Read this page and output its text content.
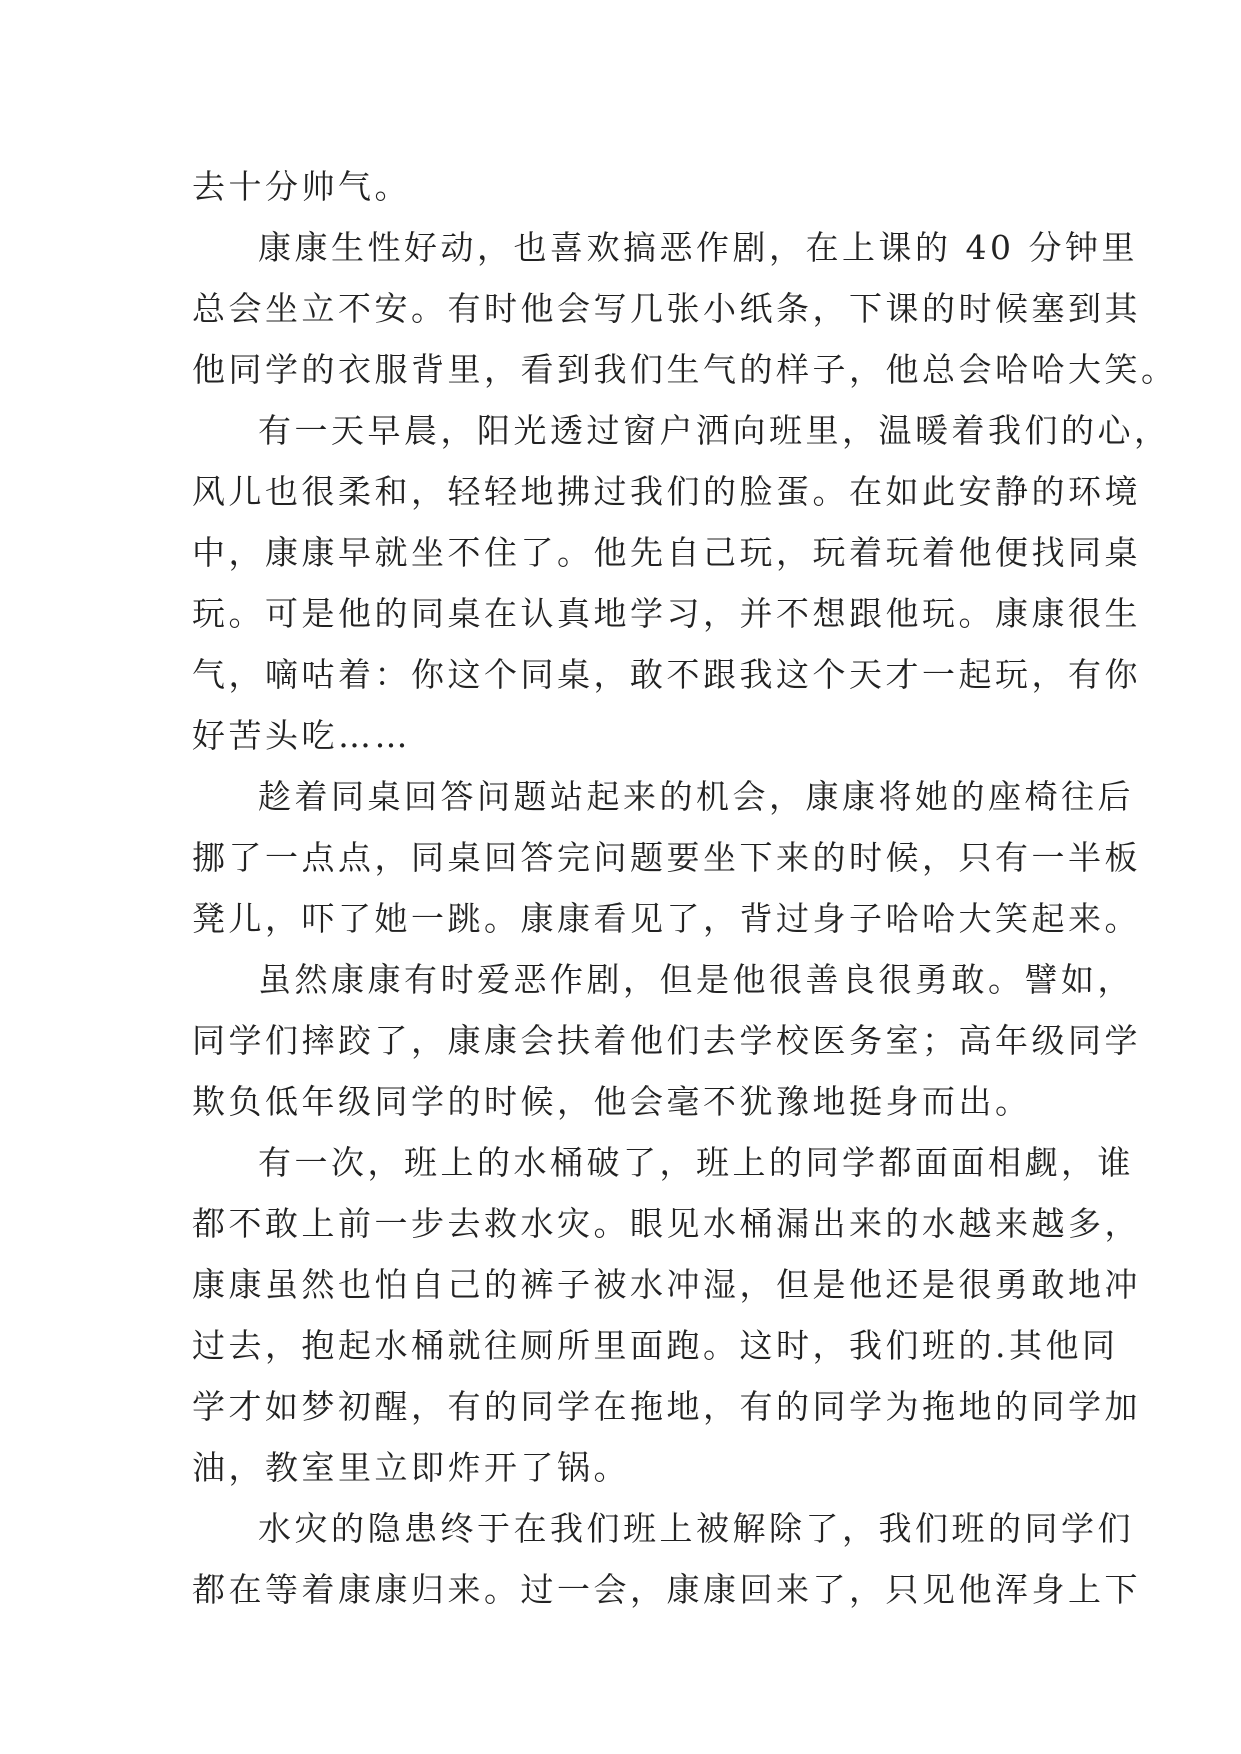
去十分帅气。
康康生性好动，也喜欢搞恶作剧，在上课的 40 分钟里
总会坐立不安。有时他会写几张小纸条，下课的时候塞到其
他同学的衣服背里，看到我们生气的样子，他总会哈哈大笑。
有一天早晨，阳光透过窗户洒向班里，温暖着我们的心，
风儿也很柔和，轻轻地拂过我们的脸蛋。在如此安静的环境
中，康康早就坐不住了。他先自己玩，玩着玩着他便找同桌
玩。可是他的同桌在认真地学习，并不想跟他玩。康康很生
气，嘀咕着：你这个同桌，敢不跟我这个天才一起玩，有你
好苦头吃……
趁着同桌回答问题站起来的机会，康康将她的座椅往后
挪了一点点，同桌回答完问题要坐下来的时候，只有一半板
凳儿，吓了她一跳。康康看见了，背过身子哈哈大笑起来。
虽然康康有时爱恶作剧，但是他很善良很勇敢。譬如，
同学们摔跤了，康康会扶着他们去学校医务室；高年级同学
欺负低年级同学的时候，他会毫不犹豫地挺身而出。
有一次，班上的水桶破了，班上的同学都面面相觑，谁
都不敢上前一步去救水灾。眼见水桶漏出来的水越来越多，
康康虽然也怕自己的裤子被水冲湿，但是他还是很勇敢地冲
过去，抱起水桶就往厕所里面跑。这时，我们班的.其他同
学才如梦初醒，有的同学在拖地，有的同学为拖地的同学加
油，教室里立即炸开了锅。
水灾的隐患终于在我们班上被解除了，我们班的同学们
都在等着康康归来。过一会，康康回来了，只见他浑身上下
